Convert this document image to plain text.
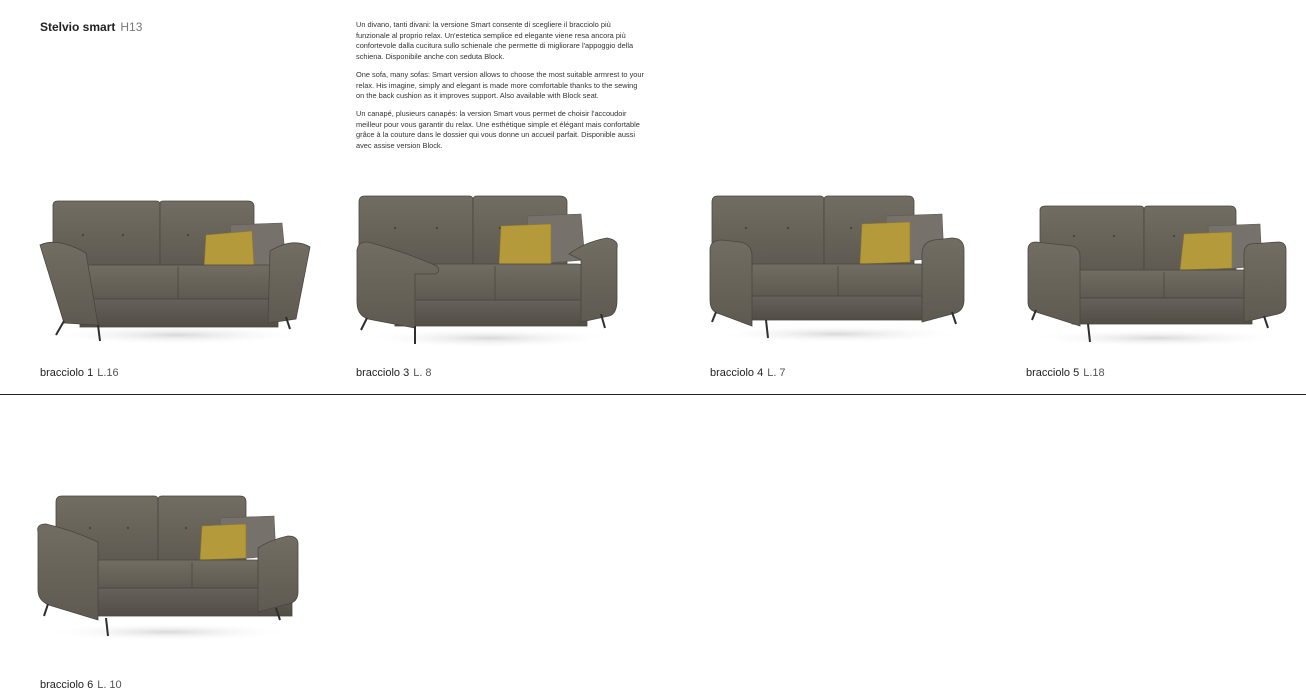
Stelvio smart H13	Un divano, tanti divani: la versione Smart consente di scegliere il bracciolo più funzionale al proprio relax. Un'estetica semplice ed elegante viene resa ancora più confortevole dalla cucitura sullo schienale che permette di migliorare l'appoggio della schiena. Disponibile anche con seduta Block.

One sofa, many sofas: Smart version allows to choose the most suitable armrest to your relax. His imagine, simply and elegant is made more comfortable thanks to the sewing on the back cushion as it improves support. Also available with Block seat.

Un canapé, plusieurs canapés: la version Smart vous permet de choisir l'accoudoir meilleur pour vous garantir du relax. Une esthétique simple et élégant mais confortable grâce à la couture dans le dossier qui vous donne un accueil parfait. Disponible aussi avec assise version Block.

bracciolo 1 L.16	bracciolo 3 L. 8	bracciolo 4 L. 7	bracciolo 5 L.18
bracciolo 6 L. 10
